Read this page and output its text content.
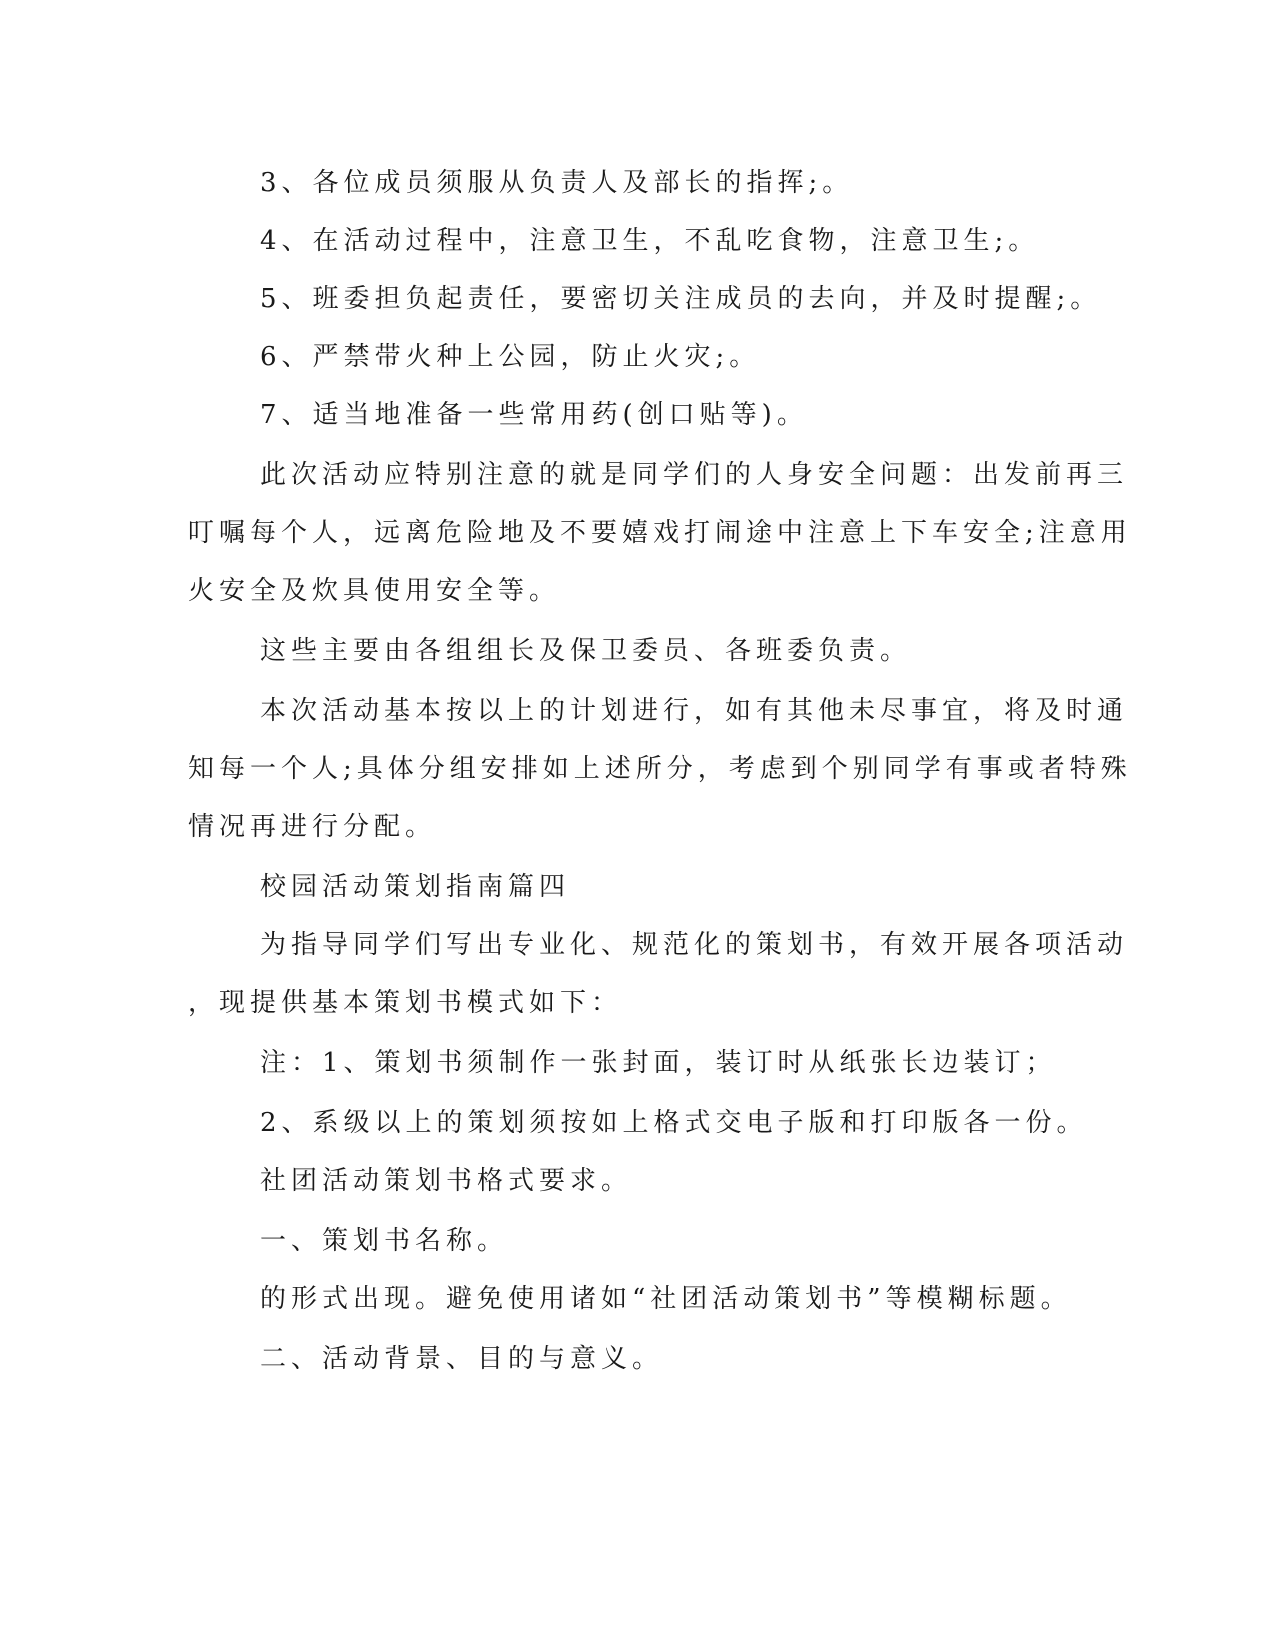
3、各位成员须服从负责人及部长的指挥;。
4、在活动过程中，注意卫生，不乱吃食物，注意卫生;。
5、班委担负起责任，要密切关注成员的去向，并及时提醒;。
6、严禁带火种上公园，防止火灾;。
7、适当地准备一些常用药(创口贴等)。
此次活动应特别注意的就是同学们的人身安全问题：出发前再三
叮嘱每个人，远离危险地及不要嬉戏打闹途中注意上下车安全;注意用
火安全及炊具使用安全等。
这些主要由各组组长及保卫委员、各班委负责。
本次活动基本按以上的计划进行，如有其他未尽事宜，将及时通
知每一个人;具体分组安排如上述所分，考虑到个别同学有事或者特殊
情况再进行分配。
校园活动策划指南篇四
为指导同学们写出专业化、规范化的策划书，有效开展各项活动
，现提供基本策划书模式如下：
注：1、策划书须制作一张封面，装订时从纸张长边装订；
2、系级以上的策划须按如上格式交电子版和打印版各一份。
社团活动策划书格式要求。
一、策划书名称。
的形式出现。避免使用诸如“社团活动策划书”等模糊标题。
二、活动背景、目的与意义。
